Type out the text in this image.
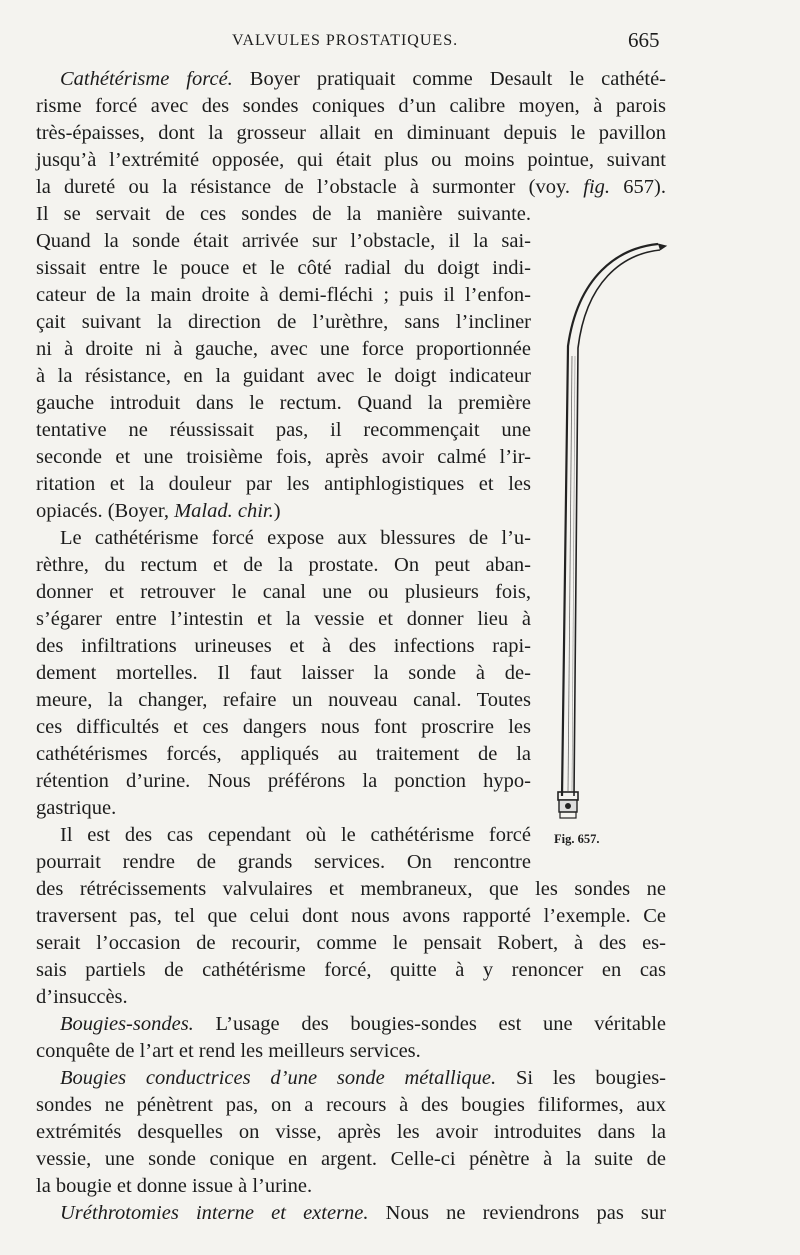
VALVULES PROSTATIQUES.	665
Cathétérisme forcé. Boyer pratiquait comme Desault le cathété-
risme forcé avec des sondes coniques d’un calibre moyen, à parois
très-épaisses, dont la grosseur allait en diminuant depuis le pavillon
jusqu’à l’extrémité opposée, qui était plus ou moins pointue, suivant
la dureté ou la résistance de l’obstacle à surmonter (voy. fig. 657).
Il se servait de ces sondes de la manière suivante.
Quand la sonde était arrivée sur l’obstacle, il la sai-
sissait entre le pouce et le côté radial du doigt indi-
cateur de la main droite à demi-fléchi ; puis il l’enfon-
çait suivant la direction de l’urèthre, sans l’incliner
ni à droite ni à gauche, avec une force proportionnée
à la résistance, en la guidant avec le doigt indicateur
gauche introduit dans le rectum. Quand la première
tentative ne réussissait pas, il recommençait une
seconde et une troisième fois, après avoir calmé l’ir-
ritation et la douleur par les antiphlogistiques et les
opiacés. (Boyer, Malad. chir.)
Le cathétérisme forcé expose aux blessures de l’u-
rèthre, du rectum et de la prostate. On peut aban-
donner et retrouver le canal une ou plusieurs fois,
s’égarer entre l’intestin et la vessie et donner lieu à
des infiltrations urineuses et à des infections rapi-
dement mortelles. Il faut laisser la sonde à de-
meure, la changer, refaire un nouveau canal. Toutes
ces difficultés et ces dangers nous font proscrire les
cathétérismes forcés, appliqués au traitement de la
rétention d’urine. Nous préférons la ponction hypo-
gastrique.
Il est des cas cependant où le cathétérisme forcé
pourrait rendre de grands services. On rencontre
des rétrécissements valvulaires et membraneux, que les sondes ne
traversent pas, tel que celui dont nous avons rapporté l’exemple. Ce
serait l’occasion de recourir, comme le pensait Robert, à des es-
sais partiels de cathétérisme forcé, quitte à y renoncer en cas
d’insuccès.
Bougies-sondes. L’usage des bougies-sondes est une véritable
conquête de l’art et rend les meilleurs services.
Bougies conductrices d’une sonde métallique. Si les bougies-
sondes ne pénètrent pas, on a recours à des bougies filiformes, aux
extrémités desquelles on visse, après les avoir introduites dans la
vessie, une sonde conique en argent. Celle-ci pénètre à la suite de
la bougie et donne issue à l’urine.
Uréthrotomies interne et externe. Nous ne reviendrons pas sur
Fig. 657.
